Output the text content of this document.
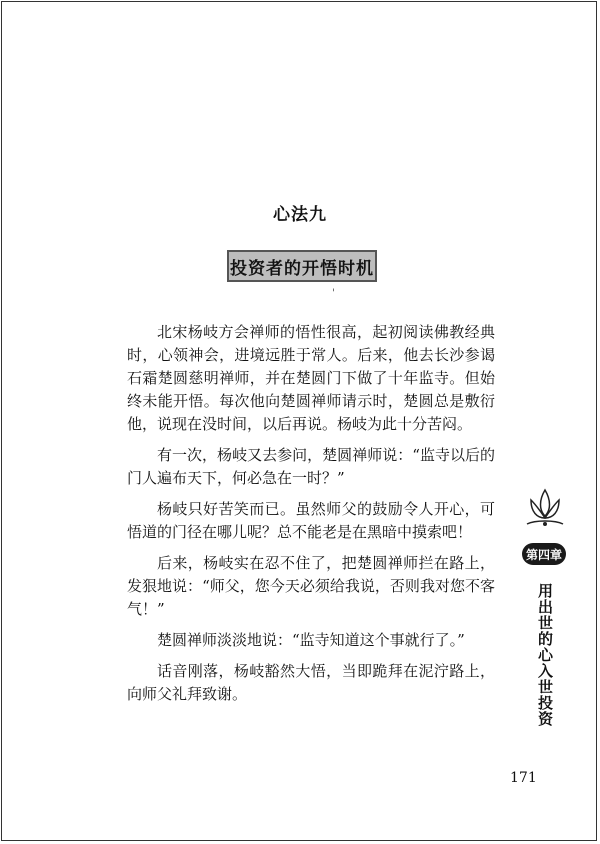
心法九
投资者的开悟时机
'

北宋杨岐方会禅师的悟性很高，起初阅读佛教经典时，心领神会，进境远胜于常人。后来，他去长沙参谒石霜楚圆慈明禅师，并在楚圆门下做了十年监寺。但始终未能开悟。每次他向楚圆禅师请示时，楚圆总是敷衍他，说现在没时间，以后再说。杨岐为此十分苦闷。

有一次，杨岐又去参问，楚圆禅师说：“监寺以后的门人遍布天下，何必急在一时？”

杨岐只好苦笑而已。虽然师父的鼓励令人开心，可悟道的门径在哪儿呢？总不能老是在黑暗中摸索吧！

后来，杨岐实在忍不住了，把楚圆禅师拦在路上，发狠地说：“师父，您今天必须给我说，否则我对您不客气！”

楚圆禅师淡淡地说：“监寺知道这个事就行了。”

话音刚落，杨岐豁然大悟，当即跪拜在泥泞路上，向师父礼拜致谢。

第四章
用出世的心入世投资
171
